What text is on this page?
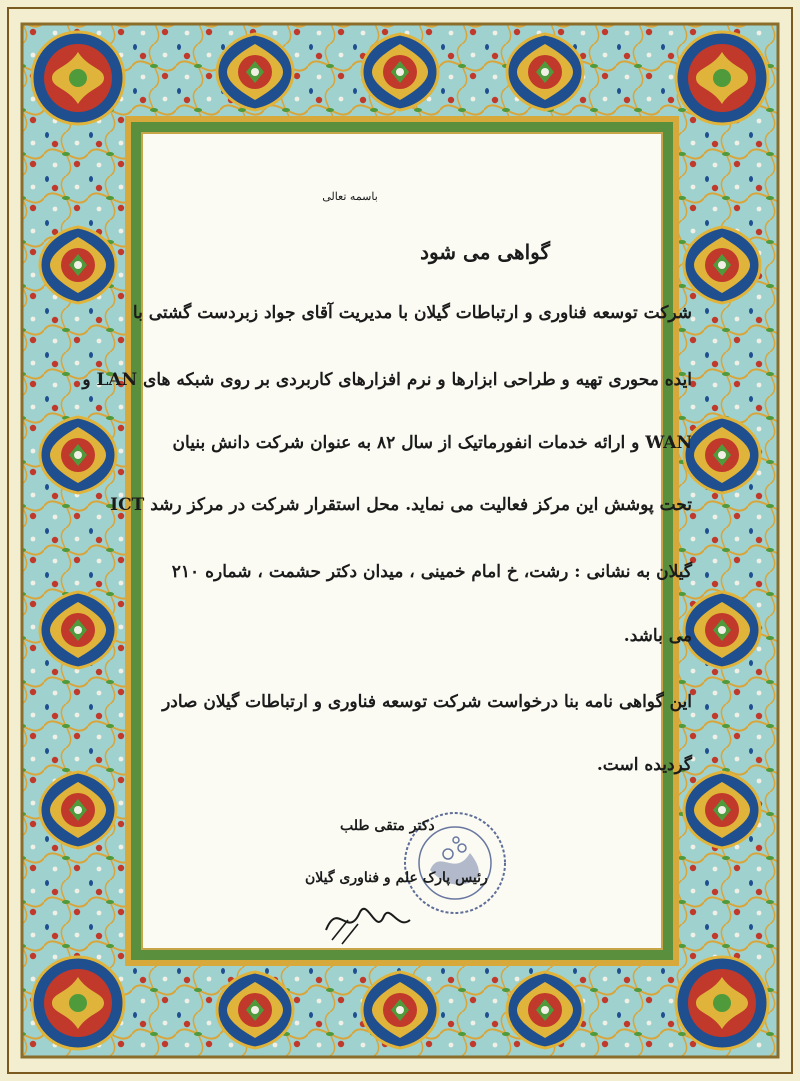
باسمه تعالی
گواهی می شود
شرکت توسعه فناوری و ارتباطات گیلان با مدیریت آقای جواد زبردست گشتی با
ایده محوری تهیه و طراحی ابزارها و نرم افزارهای کاربردی بر روی شبکه های LAN و
WAN و ارائه خدمات انفورماتیک از سال ۸۲ به عنوان شرکت دانش بنیان
تحت پوشش این مرکز فعالیت می نماید. محل استقرار شرکت در مرکز رشد ICT
گیلان به نشانی : رشت، خ امام خمینی ، میدان دکتر حشمت ، شماره ۲۱۰
می باشد.
این گواهی نامه بنا درخواست شرکت توسعه فناوری و ارتباطات گیلان صادر
گردیده است.
دکتر متقی طلب
رئیس پارک علم و فناوری گیلان
